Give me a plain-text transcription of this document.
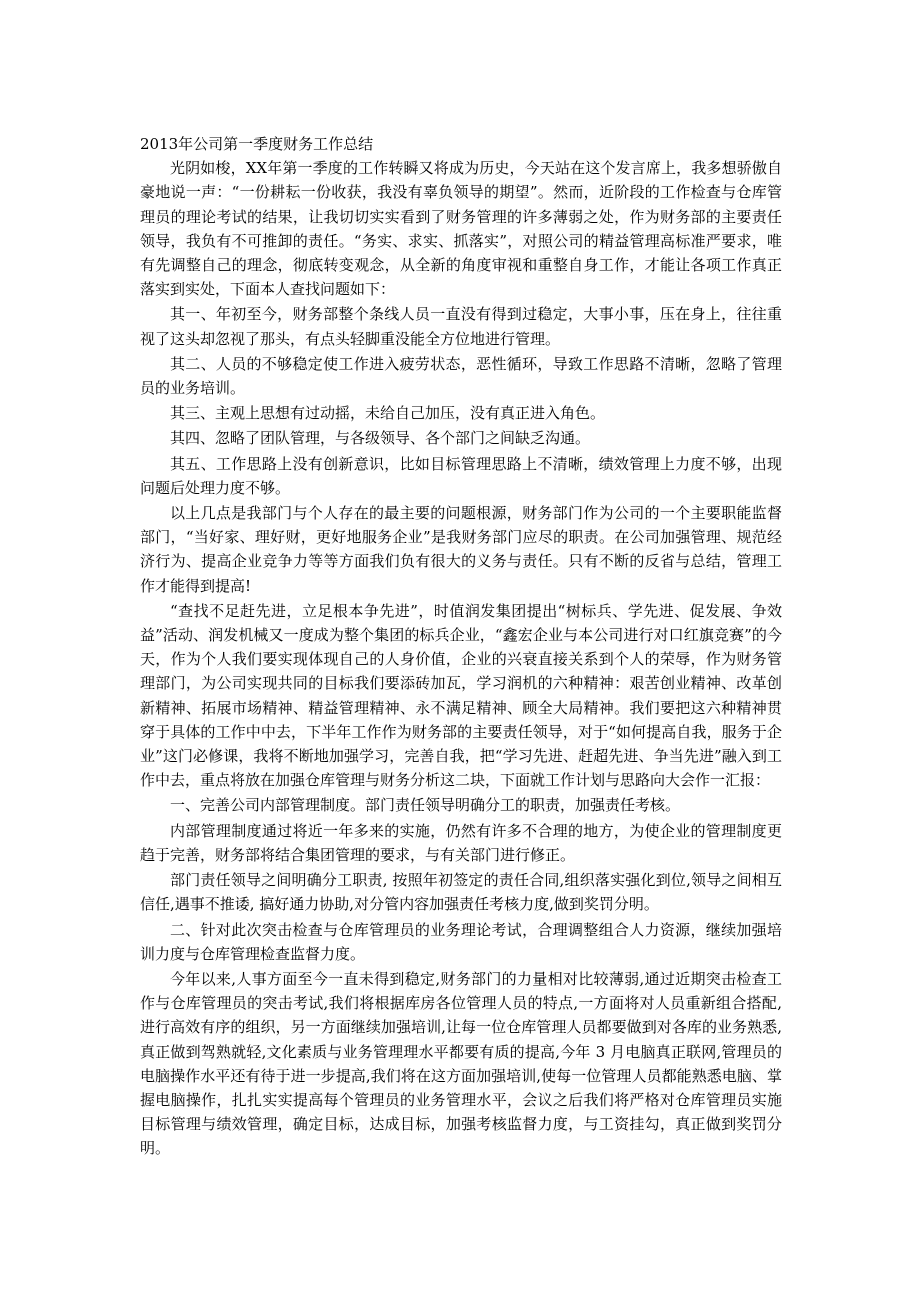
2013年公司第一季度财务工作总结

光阴如梭，XX年第一季度的工作转瞬又将成为历史，今天站在这个发言席上，我多想骄傲自豪地说一声：“一份耕耘一份收获，我没有辜负领导的期望”。然而，近阶段的工作检查与仓库管理员的理论考试的结果，让我切切实实看到了财务管理的许多薄弱之处，作为财务部的主要责任领导，我负有不可推卸的责任。“务实、求实、抓落实”，对照公司的精益管理高标准严要求，唯有先调整自己的理念，彻底转变观念，从全新的角度审视和重整自身工作，才能让各项工作真正落实到实处，下面本人查找问题如下：

其一、年初至今，财务部整个条线人员一直没有得到过稳定，大事小事，压在身上，往往重视了这头却忽视了那头，有点头轻脚重没能全方位地进行管理。

其二、人员的不够稳定使工作进入疲劳状态，恶性循环，导致工作思路不清晰，忽略了管理员的业务培训。

其三、主观上思想有过动摇，未给自己加压，没有真正进入角色。

其四、忽略了团队管理，与各级领导、各个部门之间缺乏沟通。

其五、工作思路上没有创新意识，比如目标管理思路上不清晰，绩效管理上力度不够，出现问题后处理力度不够。

以上几点是我部门与个人存在的最主要的问题根源，财务部门作为公司的一个主要职能监督部门，“当好家、理好财，更好地服务企业”是我财务部门应尽的职责。在公司加强管理、规范经济行为、提高企业竞争力等等方面我们负有很大的义务与责任。只有不断的反省与总结，管理工作才能得到提高!

“查找不足赶先进，立足根本争先进”，时值润发集团提出“树标兵、学先进、促发展、争效益”活动、润发机械又一度成为整个集团的标兵企业，“鑫宏企业与本公司进行对口红旗竞赛”的今天，作为个人我们要实现体现自己的人身价值，企业的兴衰直接关系到个人的荣辱，作为财务管理部门，为公司实现共同的目标我们要添砖加瓦，学习润机的六种精神：艰苦创业精神、改革创新精神、拓展市场精神、精益管理精神、永不满足精神、顾全大局精神。我们要把这六种精神贯穿于具体的工作中中去，下半年工作作为财务部的主要责任领导，对于“如何提高自我，服务于企业”这门必修课，我将不断地加强学习，完善自我，把“学习先进、赶超先进、争当先进”融入到工作中去，重点将放在加强仓库管理与财务分析这二块，下面就工作计划与思路向大会作一汇报：

一、完善公司内部管理制度。部门责任领导明确分工的职责，加强责任考核。

内部管理制度通过将近一年多来的实施，仍然有许多不合理的地方，为使企业的管理制度更趋于完善，财务部将结合集团管理的要求，与有关部门进行修正。

部门责任领导之间明确分工职责, 按照年初签定的责任合同,组织落实强化到位,领导之间相互信任,遇事不推诿, 搞好通力协助,对分管内容加强责任考核力度,做到奖罚分明。

二、针对此次突击检查与仓库管理员的业务理论考试，合理调整组合人力资源，继续加强培训力度与仓库管理检查监督力度。

今年以来,人事方面至今一直未得到稳定,财务部门的力量相对比较薄弱,通过近期突击检查工作与仓库管理员的突击考试,我们将根据库房各位管理人员的特点,一方面将对人员重新组合搭配, 进行高效有序的组织，另一方面继续加强培训,让每一位仓库管理人员都要做到对各库的业务熟悉,真正做到驾熟就轻,文化素质与业务管理理水平都要有质的提高,今年 3 月电脑真正联网,管理员的电脑操作水平还有待于进一步提高,我们将在这方面加强培训,使每一位管理人员都能熟悉电脑、掌握电脑操作，扎扎实实提高每个管理员的业务管理水平，会议之后我们将严格对仓库管理员实施目标管理与绩效管理，确定目标，达成目标，加强考核监督力度，与工资挂勾，真正做到奖罚分明。
